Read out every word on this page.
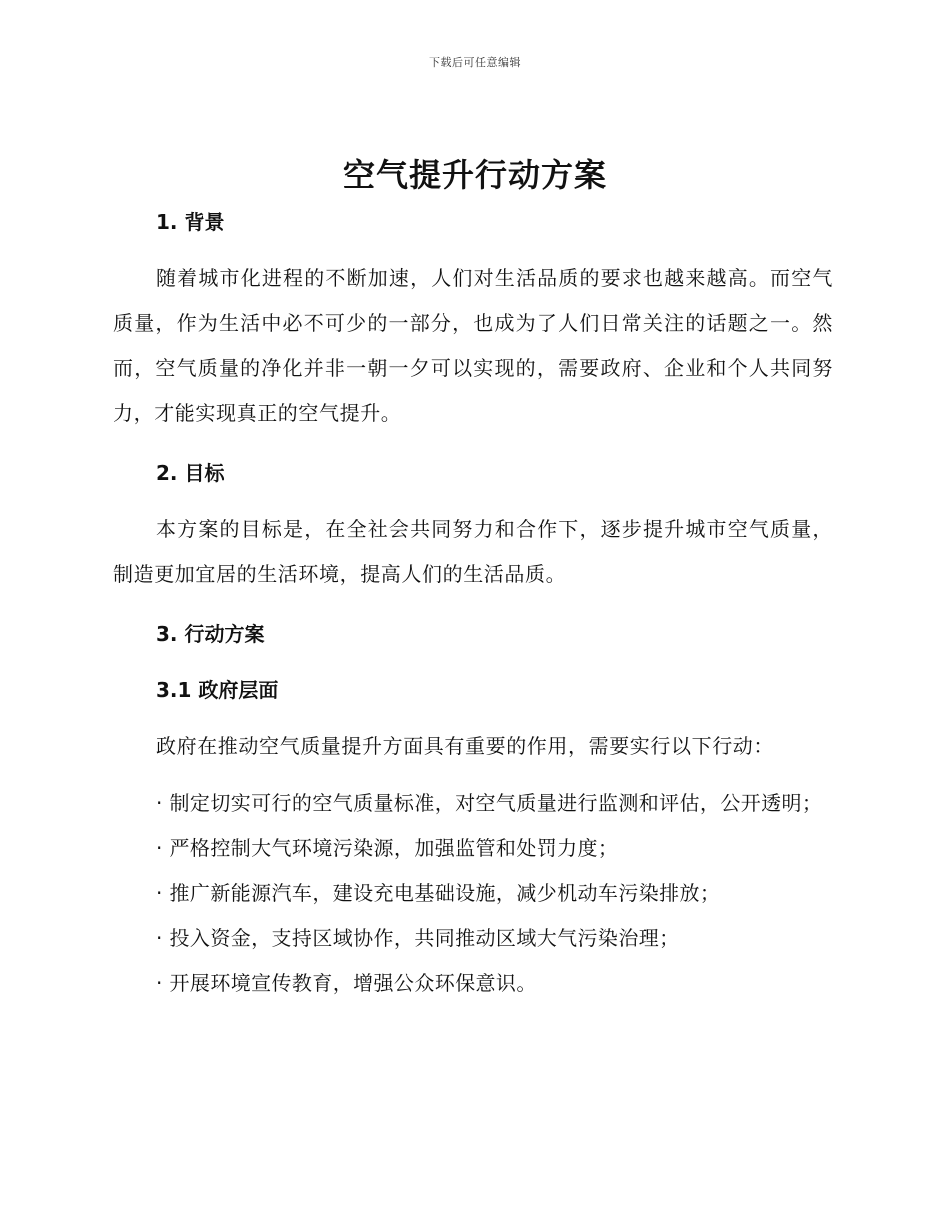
下载后可任意编辑
空气提升行动方案

1. 背景

随着城市化进程的不断加速，人们对生活品质的要求也越来越高。而空气质量，作为生活中必不可少的一部分，也成为了人们日常关注的话题之一。然而，空气质量的净化并非一朝一夕可以实现的，需要政府、企业和个人共同努力，才能实现真正的空气提升。

2. 目标

本方案的目标是，在全社会共同努力和合作下，逐步提升城市空气质量，制造更加宜居的生活环境，提高人们的生活品质。

3. 行动方案

3.1 政府层面

政府在推动空气质量提升方面具有重要的作用，需要实行以下行动：

· 制定切实可行的空气质量标准，对空气质量进行监测和评估，公开透明；

· 严格控制大气环境污染源，加强监管和处罚力度；

· 推广新能源汽车，建设充电基础设施，减少机动车污染排放；

· 投入资金，支持区域协作，共同推动区域大气污染治理；

· 开展环境宣传教育，增强公众环保意识。
